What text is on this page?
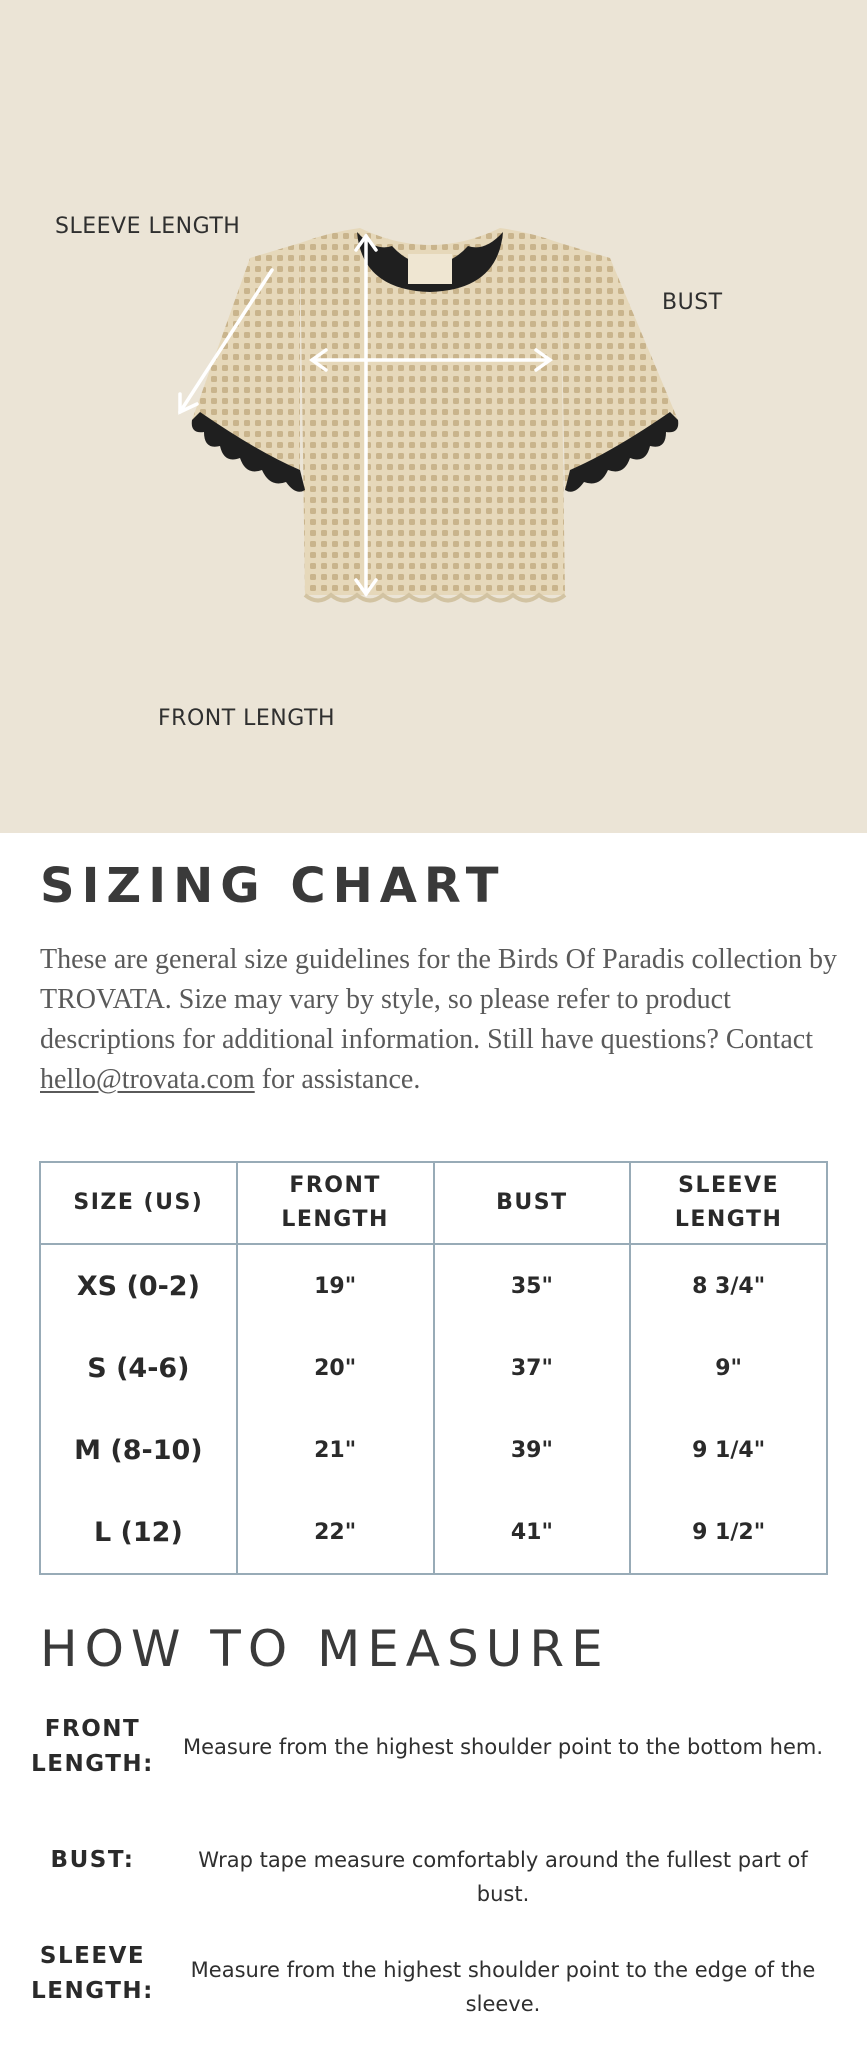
SLEEVE LENGTH
BUST
FRONT LENGTH
SIZING CHART

These are general size guidelines for the Birds Of Paradis collection by TROVATA. Size may vary by style, so please refer to product descriptions for additional information. Still have questions? Contact hello@trovata.com for assistance.

SIZE (US)	FRONT LENGTH	BUST	SLEEVE LENGTH
XS (0-2)	19"	35"	8 3/4"
S (4-6)	20"	37"	9"
M (8-10)	21"	39"	9 1/4"
L (12)	22"	41"	9 1/2"
HOW TO MEASURE
FRONT LENGTH:
Measure from the highest shoulder point to the bottom hem.
BUST:	Wrap tape measure comfortably around the fullest part of bust.
SLEEVE LENGTH:
Measure from the highest shoulder point to the edge of the sleeve.
